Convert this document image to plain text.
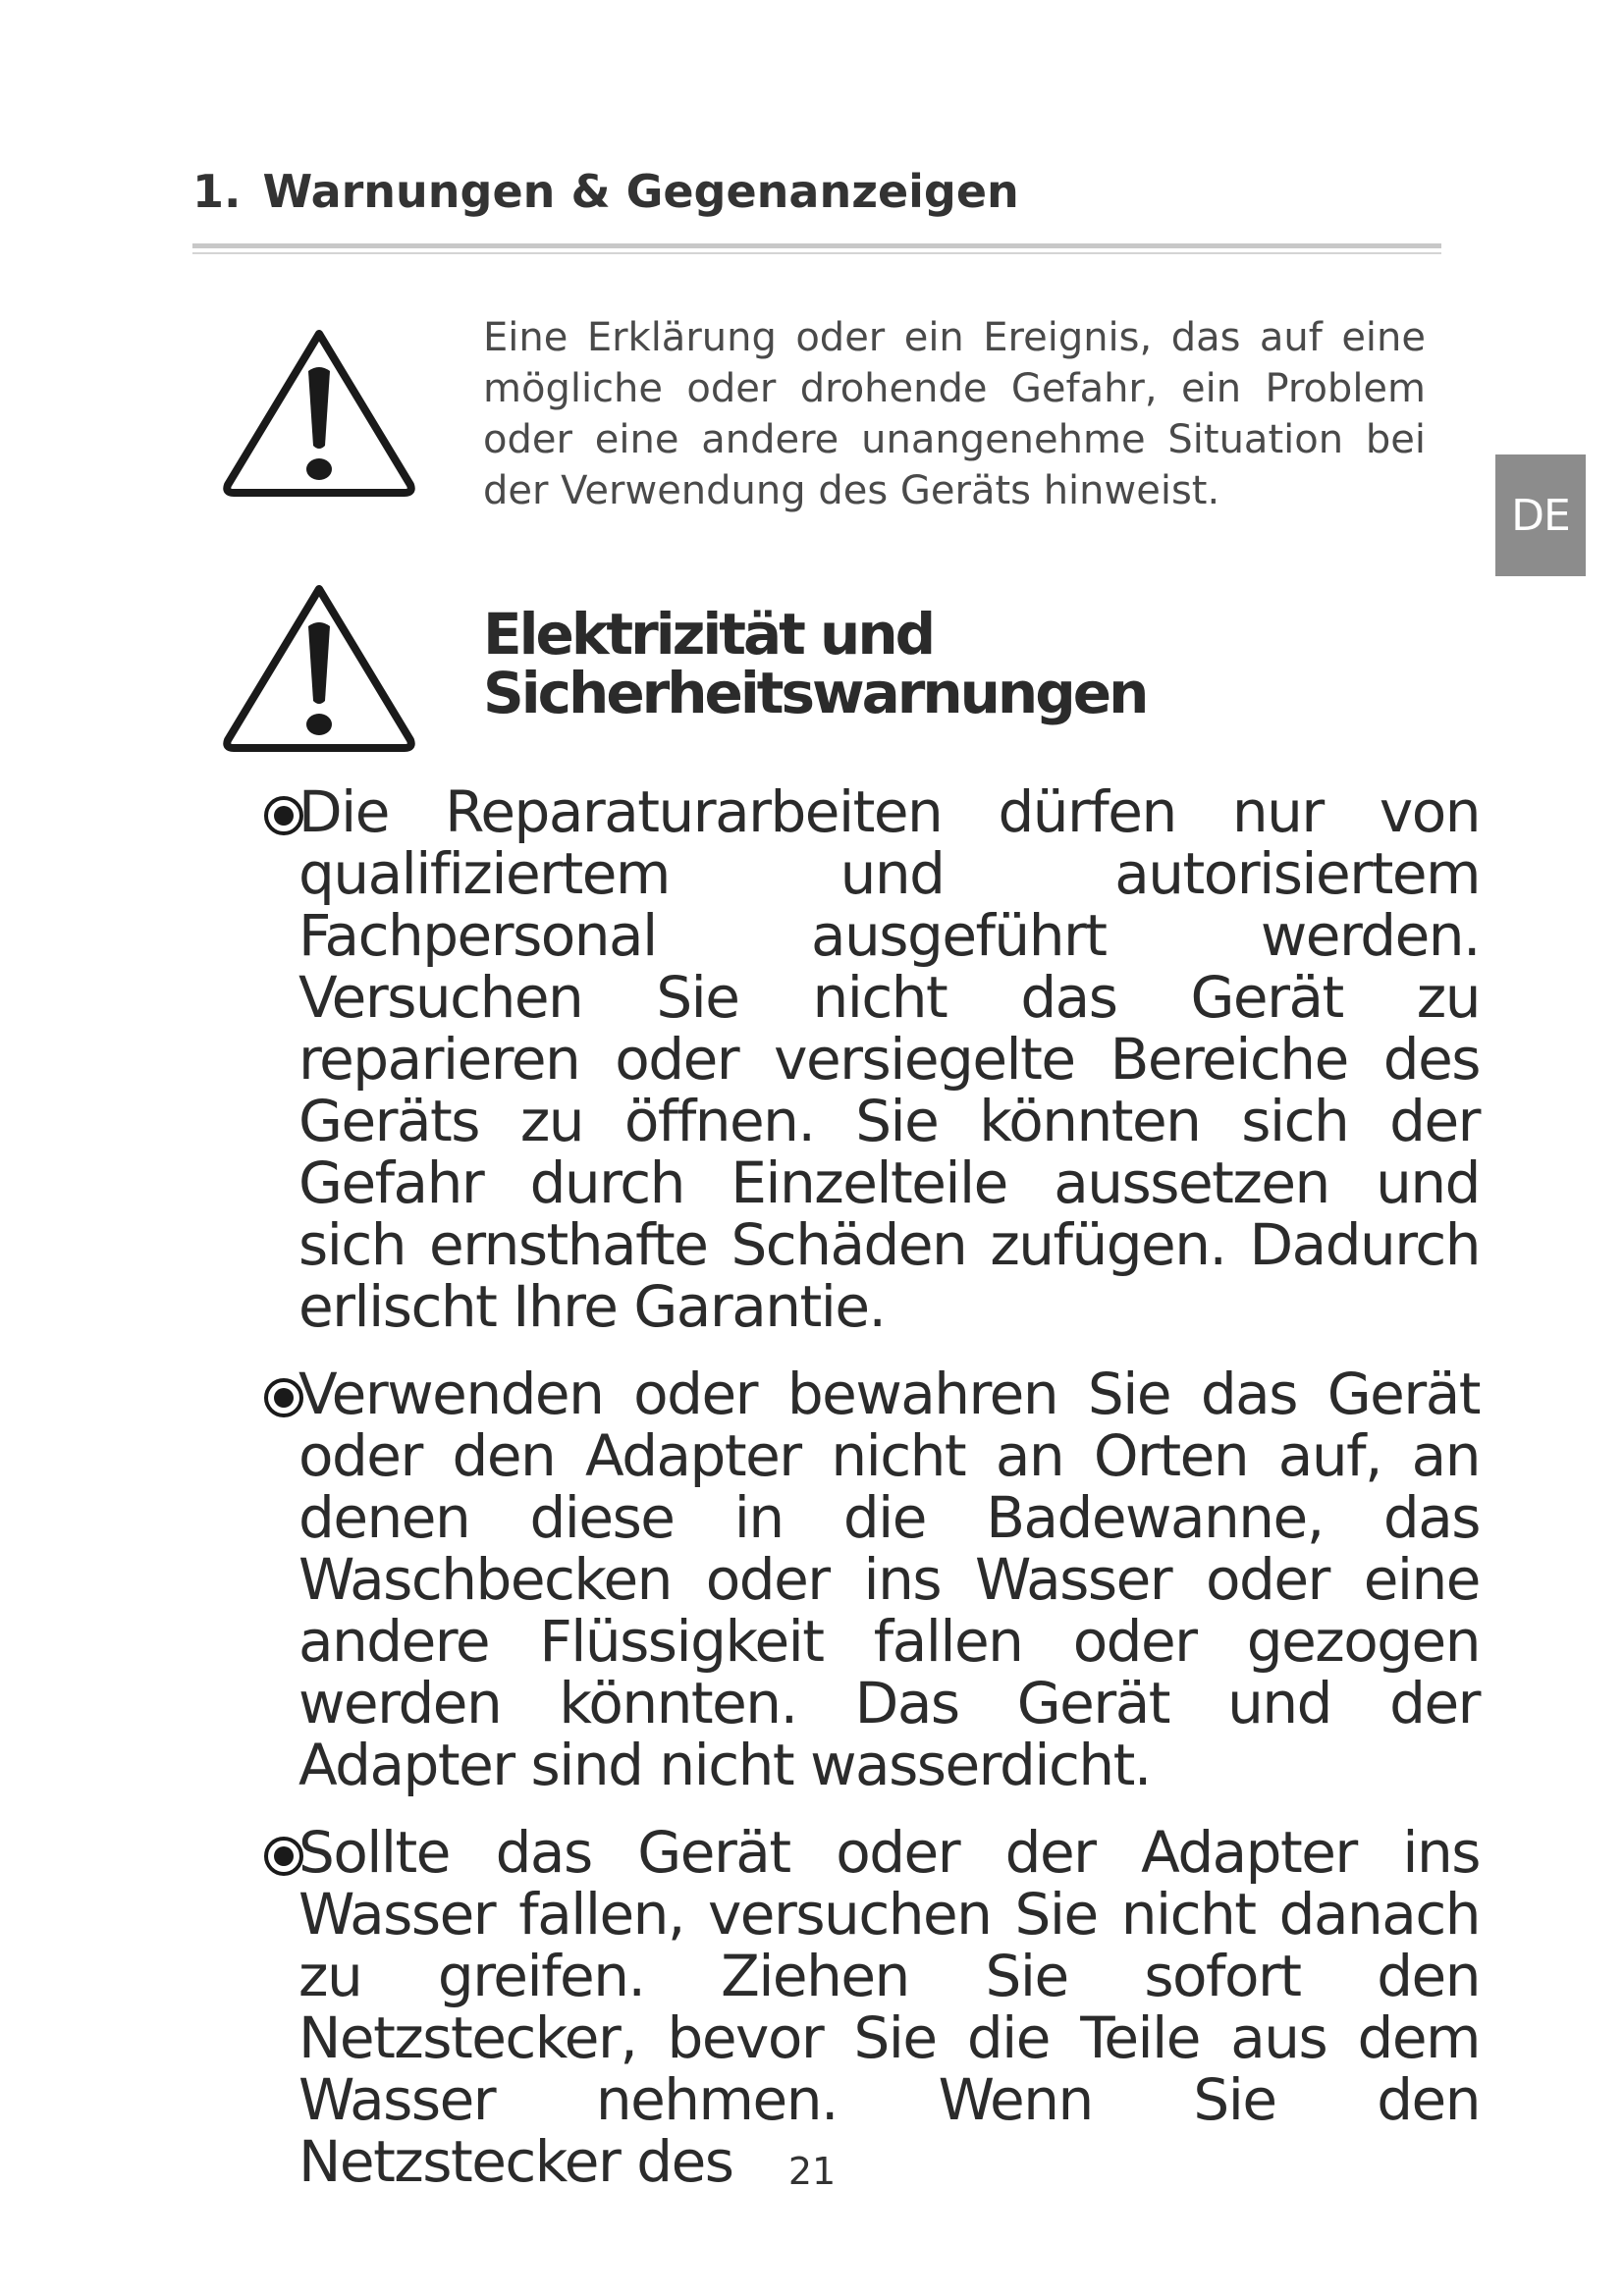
1. Warnungen & Gegenanzeigen
DE

Eine Erklärung oder ein Ereignis, das auf eine mögliche oder drohende Gefahr, ein Problem oder eine andere unangenehme Situation bei der Verwendung des Geräts hinweist.

Elektrizität und
Sicherheitswarnungen

Die Reparaturarbeiten dürfen nur von qualifiziertem und autorisiertem Fachpersonal ausgeführt werden. Versuchen Sie nicht das Gerät zu reparieren oder versiegelte Bereiche des Geräts zu öffnen. Sie könnten sich der Gefahr durch Einzelteile aussetzen und sich ernsthafte Schäden zufügen. Dadurch erlischt Ihre Garantie.

Verwenden oder bewahren Sie das Gerät oder den Adapter nicht an Orten auf, an denen diese in die Badewanne, das Waschbecken oder ins Wasser oder eine andere Flüssigkeit fallen oder gezogen werden könnten. Das Gerät und der Adapter sind nicht wasserdicht.

Sollte das Gerät oder der Adapter ins Wasser fallen, versuchen Sie nicht danach zu greifen. Ziehen Sie sofort den Netzstecker, bevor Sie die Teile aus dem Wasser nehmen. Wenn Sie den Netzstecker des	21
